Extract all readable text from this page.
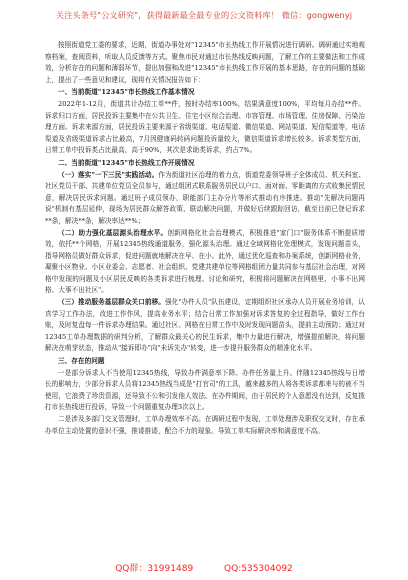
关注头条号"公文研究"，获得最新最全最专业的公文资料库！ 微信：gongwenyj

按照街道党工委的要求，近期，街道办事处对"12345"市长热线工作开展情况进行调研。调研通过实地观察档案，查阅资料，听取人员反馈等方式。聚焦市民对通过市长热线反映问题，了解工作的主要做法和工作成效，分析存在的问题和薄弱环节，提出加强和改进"12345"市长热线工作开展的基本思路，存在的问题的基础上，提出了一些意见和建议，现将有关情况报告如下：

一、当前街道"12345"市长热线工作基本情况

2022年1-12月，街道共计办结工单**件，按时办结率100%，结果满意度100%，平均每月办结**件。诉求归口方面，居民投诉主要集中在公共卫生、住宅小区综合治理、市容管理、市场管理、住房保障、污染治理方面。诉求来源方面，居民投诉主要来源于省级渠道、电话渠道、微信渠道、网站渠道、短信渠道等，电话渠道及省级渠道诉求占比最高，7月因健康码转码问题投诉量较大，微信渠道诉求增长较多。诉求类型方面，日常工单中投诉类占比最高，高于90%，其次是求助类诉求，约占7%。

二、当前街道"12345"市长热线工作开展情况

（一）落实"一下三民"实践活动。作为街道社区治理的着力点，街道党委领导班子全体成员、机关科室、社区党员干部、共建单位党员全员参与，通过组团式联系服务居民以户口、面对面、零距离的方式收集民情民意，解决居民诉求问题。通过班子成员领办，职能部门主办分片等形式推动有序推进。推动"先解决问题再说"机制有基层延伸，现场为居民群众解答政策、联动解决问题，并做好后续跟踪回访，截至目前已登记诉求**条，解决**条，解决率达**%；

（二）助力强化基层源头治理水平。创新网格化社会治理模式，积极推进"家门口"服务体系不断提质增效，依托**个网格，开展12345热线通道服务，强化源头治理。通过全域网格化处理模式，发现问题苗头，指导网格员做好群众诉求，促进问题就地解决在早、在小。此外，通过优化巡查和办案系统，创新网格业务，凝聚小区物业、小区业委会、志愿者、社会组织、党建共建单位等网格组团力量共同参与基层社会治理，对网格中发现的问题及小区居民反映的各类诉求进行梳理、讨论和研究，积极将问题解决在网格里、小事不出网格、大事不出社区"。

（三）推动服务基层群众关口前移。强化"办件人员"队伍建设，定期组织社区承办人员开展业务培训，认真学习工作办法，改进工作作风，提高业务水平；结合日常工作加强对诉求答复的全过程指导，做好工作台账，及时复盘每一件诉求办理结果。通过社区、网格在日常工作中及时发现问题苗头，提前主动预防；通过对12345工单办理数据的研判分析，了解群众最关心的民生诉求，集中力量进行解决，增强提前解决，将问题解决在萌芽状态，推动从"接诉即办"向"未诉先办"转变，进一步提升服务群众的精准化水平。

三、存在的问题

一是部分诉求人不当使用12345热线，导致办件满意率下降。办件任务量上升。伴随12345热线与日增长的影响力，少部分诉求人员将12345热线当成是"打官司"的工具，越来越多的人将各类诉求都来与的被不当使用，它浪费了珍贵资源，还导致不公和引发他人效法。在办件期间，由于居民的个人意愿没有达到，反复拨打市长热线进行投诉，导致一个问题重复办理3次以上。

二是涉及多部门交叉管理时，工单办理效率不高。在调研过程中发现，工单处理涉及职权交叉时，存在承办单位主动处置的意识不强，推诿推诿，配合不力的现象。导致工单实际解决率和满意度不高。

QQ群：31991489	QQ:535304092
